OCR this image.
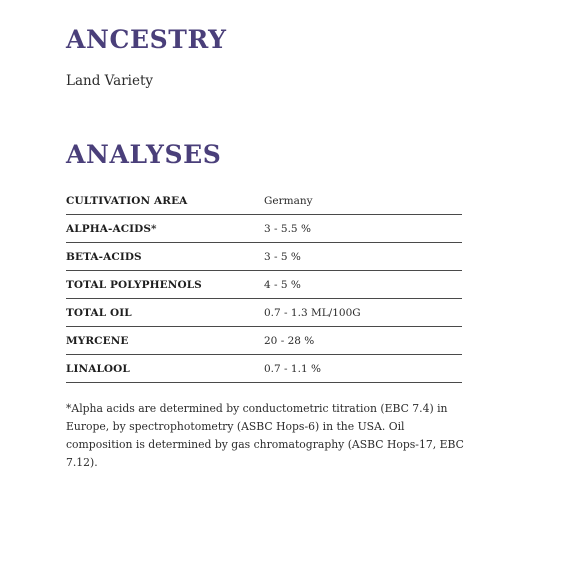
ANCESTRY
Land Variety
ANALYSES
CULTIVATION AREA	Germany
ALPHA-ACIDS*	3 - 5.5 %
BETA-ACIDS	3 - 5 %
TOTAL POLYPHENOLS	4 - 5 %
TOTAL OIL	0.7 - 1.3 ML/100G
MYRCENE	20 - 28 %
LINALOOL	0.7 - 1.1 %

*Alpha acids are determined by conductometric titration (EBC 7.4) in Europe, by spectrophotometry (ASBC Hops-6) in the USA. Oil composition is determined by gas chromatography (ASBC Hops-17, EBC 7.12).
